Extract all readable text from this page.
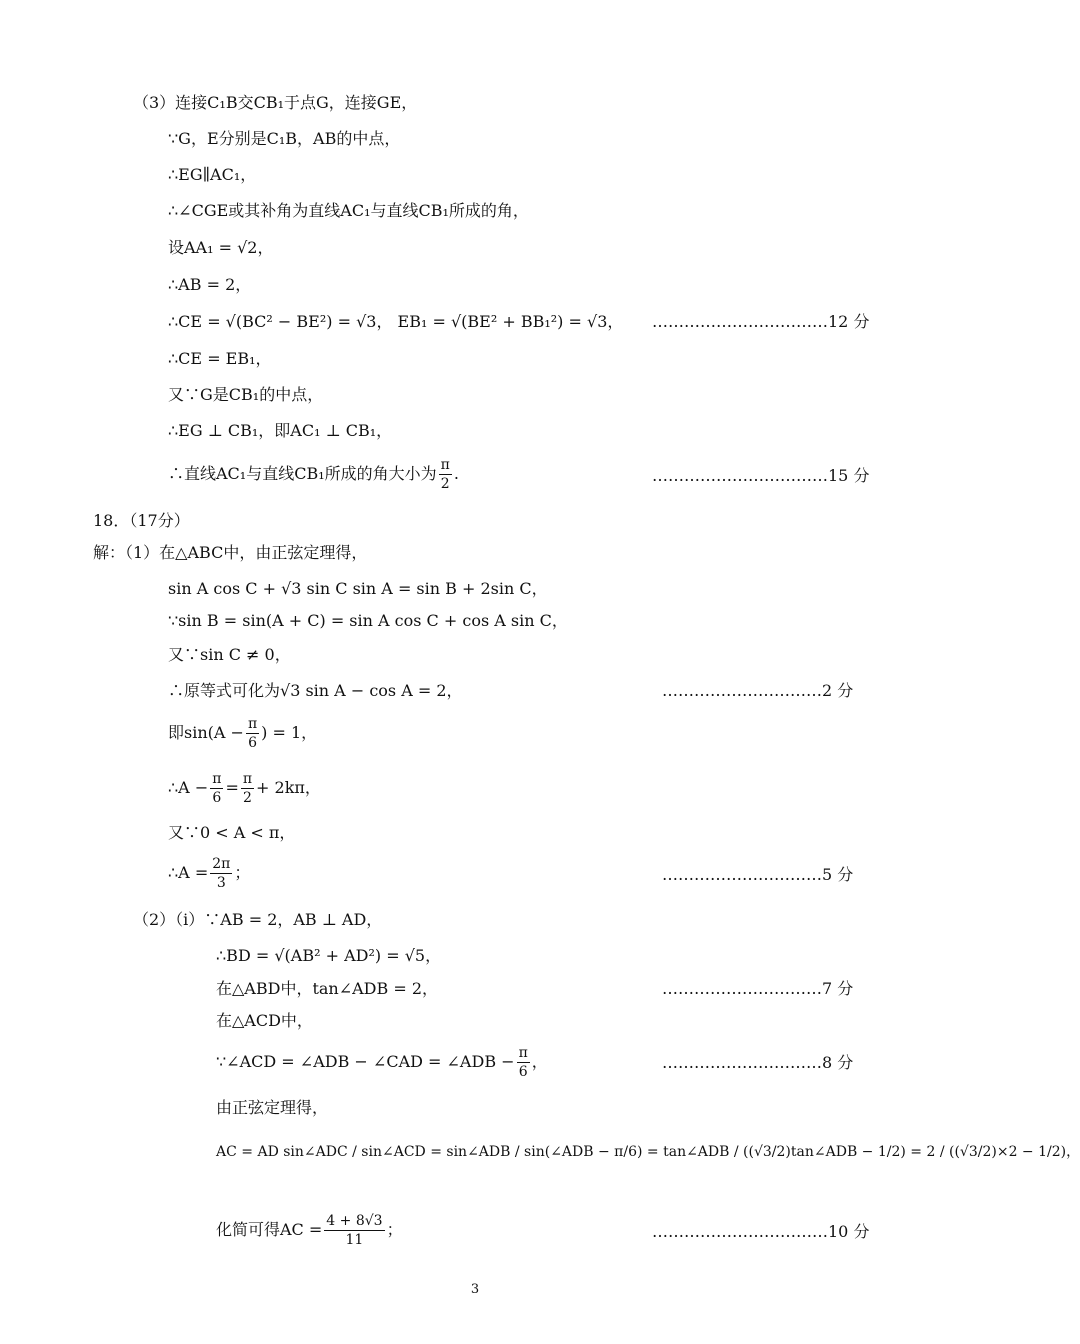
（3）连接C₁B交CB₁于点G，连接GE，
∵G，E分别是C₁B，AB的中点，
∴EG∥AC₁，
∴∠CGE或其补角为直线AC₁与直线CB₁所成的角，
设AA₁ = √2，
∴AB = 2，
∴CE = √(BC² − BE²) = √3， EB₁ = √(BE² + BB₁²) = √3， ……………………………12 分
∴CE = EB₁，
又∵G是CB₁的中点，
∴EG ⊥ CB₁，即AC₁ ⊥ CB₁，
∴直线AC₁与直线CB₁所成的角大小为 $\frac{\pi}{2}$ .	……………………………15 分
18．（17分）
解：（1）在△ABC中，由正弦定理得，
sin A cos C + √3 sin C sin A = sin B + 2sin C，
∵sin B = sin(A + C) = sin A cos C + cos A sin C，
又∵sin C ≠ 0，
∴原等式可化为√3 sin A − cos A = 2，	…………………………2 分
即$\sin(A - \frac{\pi}{6}$ ) = 1，
∴A − $\frac{\pi}{6} = \frac{\pi}{2} + 2k\pi$，
又∵0 < A < π，
∴A = $\frac{2\pi}{3}$ ；	…………………………5 分
（2）（ⅰ）∵AB = 2，AB ⊥ AD，
∴BD = √(AB² + AD²) = √5，
在△ABD中，tan∠ADB = 2，	…………………………7 分
在△ACD中，
∵∠ACD = ∠ADB − ∠CAD = ∠ADB − $\frac{\pi}{6}$ ，	…………………………8 分
由正弦定理得，
AC = AD sin∠ADC / sin∠ACD = sin∠ADB / sin(∠ADB − π/6) = tan∠ADB / ((√3/2)tan∠ADB − 1/2) = 2 / ((√3/2)×2 − 1/2)，
化简可得AC = $\frac{4 + 8√3}{11}$ ；	……………………………10 分
3
